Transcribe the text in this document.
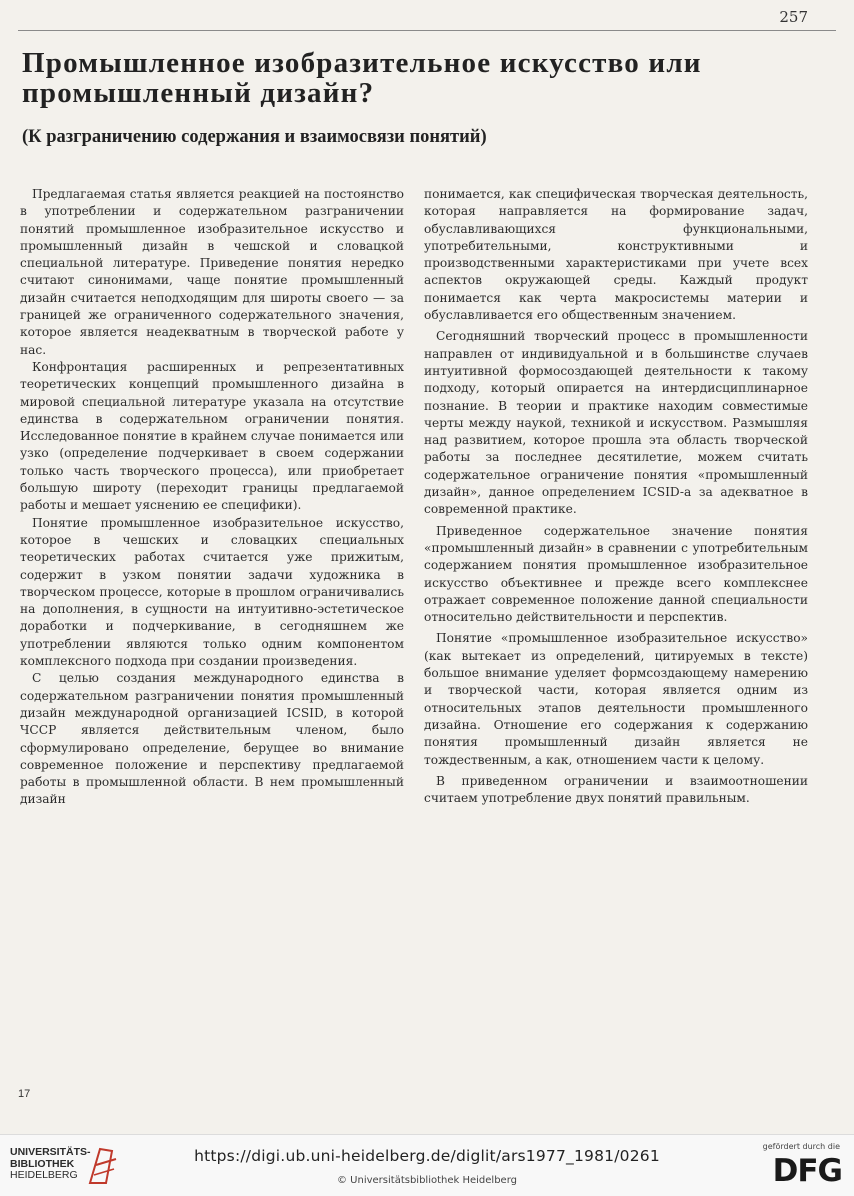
257
Промышленное изобразительное искусство или промышленный дизайн?
(К разграничению содержания и взаимосвязи понятий)

Предлагаемая статья является реакцией на постоянство в употреблении и содержательном разграничении понятий промышленное изобразительное искусство и промышленный дизайн в чешской и словацкой специальной литературе. Приведение понятия нередко считают синонимами, чаще понятие промышленный дизайн считается неподходящим для широты своего — за границей же ограниченного содержательного значения, которое является неадекватным в творческой работе у нас.

Конфронтация расширенных и репрезентативных теоретических концепций промышленного дизайна в мировой специальной литературе указала на отсутствие единства в содержательном ограничении понятия. Исследованное понятие в крайнем случае понимается или узко (определение подчеркивает в своем содержании только часть творческого процесса), или приобретает большую широту (переходит границы предлагаемой работы и мешает уяснению ее специфики).

Понятие промышленное изобразительное искусство, которое в чешских и словацких специальных теоретических работах считается уже прижитым, содержит в узком понятии задачи художника в творческом процессе, которые в прошлом ограничивались на дополнения, в сущности на интуитивно-эстетическое доработки и подчеркивание, в сегодняшнем же употреблении являются только одним компонентом комплексного подхода при создании произведения.

С целью создания международного единства в содержательном разграничении понятия промышленный дизайн международной организацией ICSID, в которой ЧССР является действительным членом, было сформулировано определение, берущее во внимание современное положение и перспективу предлагаемой работы в промышленной области. В нем промышленный дизайн

понимается, как специфическая творческая деятельность, которая направляется на формирование задач, обуславливающихся функциональными, употребительными, конструктивными и производственными характеристиками при учете всех аспектов окружающей среды. Каждый продукт понимается как черта макросистемы материи и обуславливается его общественным значением.

Сегодняшний творческий процесс в промышленности направлен от индивидуальной и в большинстве случаев интуитивной формосоздающей деятельности к такому подходу, который опирается на интердисциплинарное познание. В теории и практике находим совместимые черты между наукой, техникой и искусством. Размышляя над развитием, которое прошла эта область творческой работы за последнее десятилетие, можем считать содержательное ограничение понятия «промышленный дизайн», данное определением ICSID-a за адекватное в современной практике.

Приведенное содержательное значение понятия «промышленный дизайн» в сравнении с употребительным содержанием понятия промышленное изобразительное искусство объективнее и прежде всего комплекснее отражает современное положение данной специальности относительно действительности и перспектив.

Понятие «промышленное изобразительное искусство» (как вытекает из определений, цитируемых в тексте) большое внимание уделяет формсоздающему намерению и творческой части, которая является одним из относительных этапов деятельности промышленного дизайна. Отношение его содержания к содержанию понятия промышленный дизайн является не тождественным, а как, отношением части к целому.

В приведенном ограничении и взаимоотношении считаем употребление двух понятий правильным.

17
UNIVERSITÄTS-
BIBLIOTHEK
HEIDELBERG
https://digi.ub.uni-heidelberg.de/diglit/ars1977_1981/0261
© Universitätsbibliothek Heidelberg
gefördert durch die
DFG
